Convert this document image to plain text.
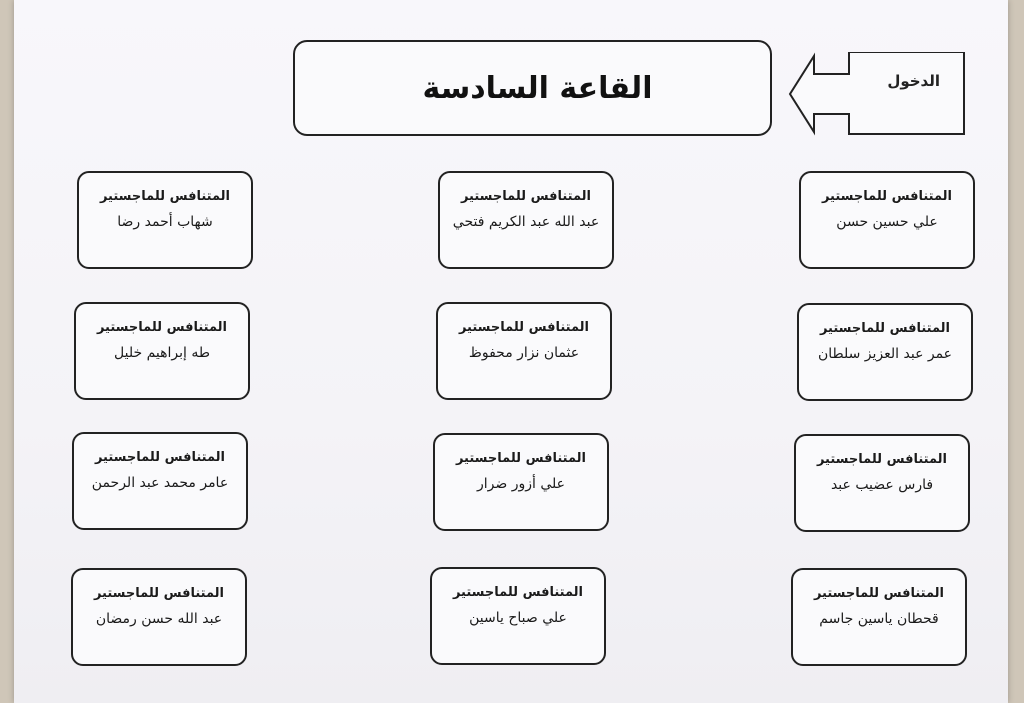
القاعة السادسة	الدخول
المتنافس للماجستير
علي حسين حسن
المتنافس للماجستير
عمر عبد العزيز سلطان
المتنافس للماجستير
فارس عضيب عبد
المتنافس للماجستير
قحطان ياسين جاسم
المتنافس للماجستير
عبد الله عبد الكريم فتحي
المتنافس للماجستير
عثمان نزار محفوظ
المتنافس للماجستير
علي أزور ضرار
المتنافس للماجستير
علي صباح ياسين
المتنافس للماجستير
شهاب أحمد رضا
المتنافس للماجستير
طه إبراهيم خليل
المتنافس للماجستير
عامر محمد عبد الرحمن
المتنافس للماجستير
عبد الله حسن رمضان
